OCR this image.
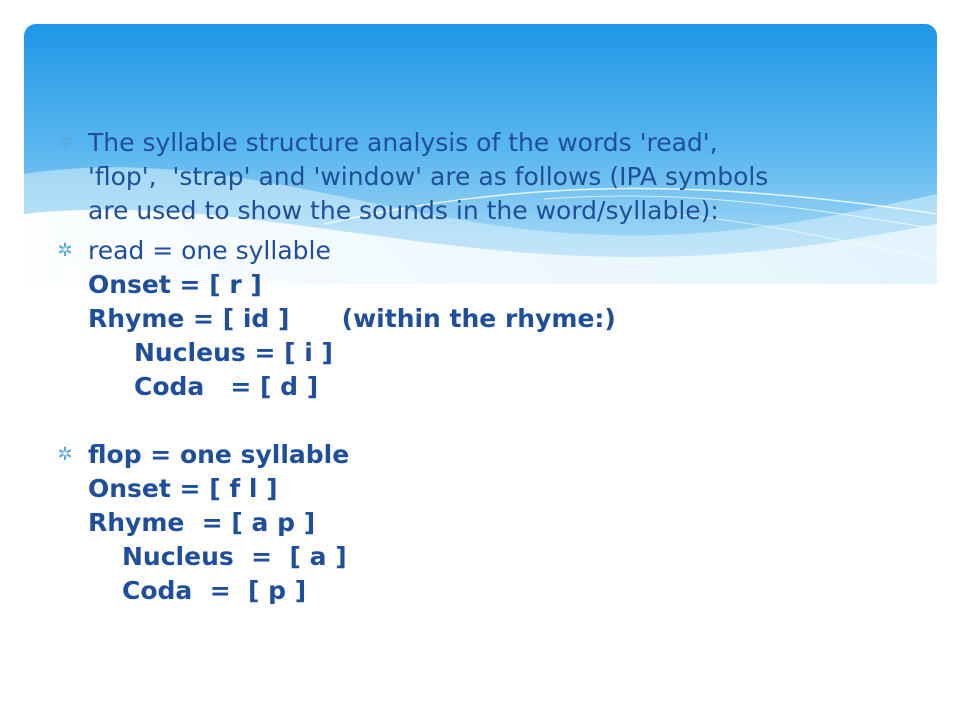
✲ The syllable structure analysis of the words 'read',
'flop',  'strap' and 'window' are as follows (IPA symbols
are used to show the sounds in the word/syllable):
✲ read = one syllable
Onset = [ r ]
Rhyme = [ id ]      (within the rhyme:)
Nucleus = [ i ]
Coda   = [ d ]
✲ flop = one syllable
Onset = [ f l ]
Rhyme  = [ a p ]
Nucleus  =  [ a ]
Coda  =  [ p ]
